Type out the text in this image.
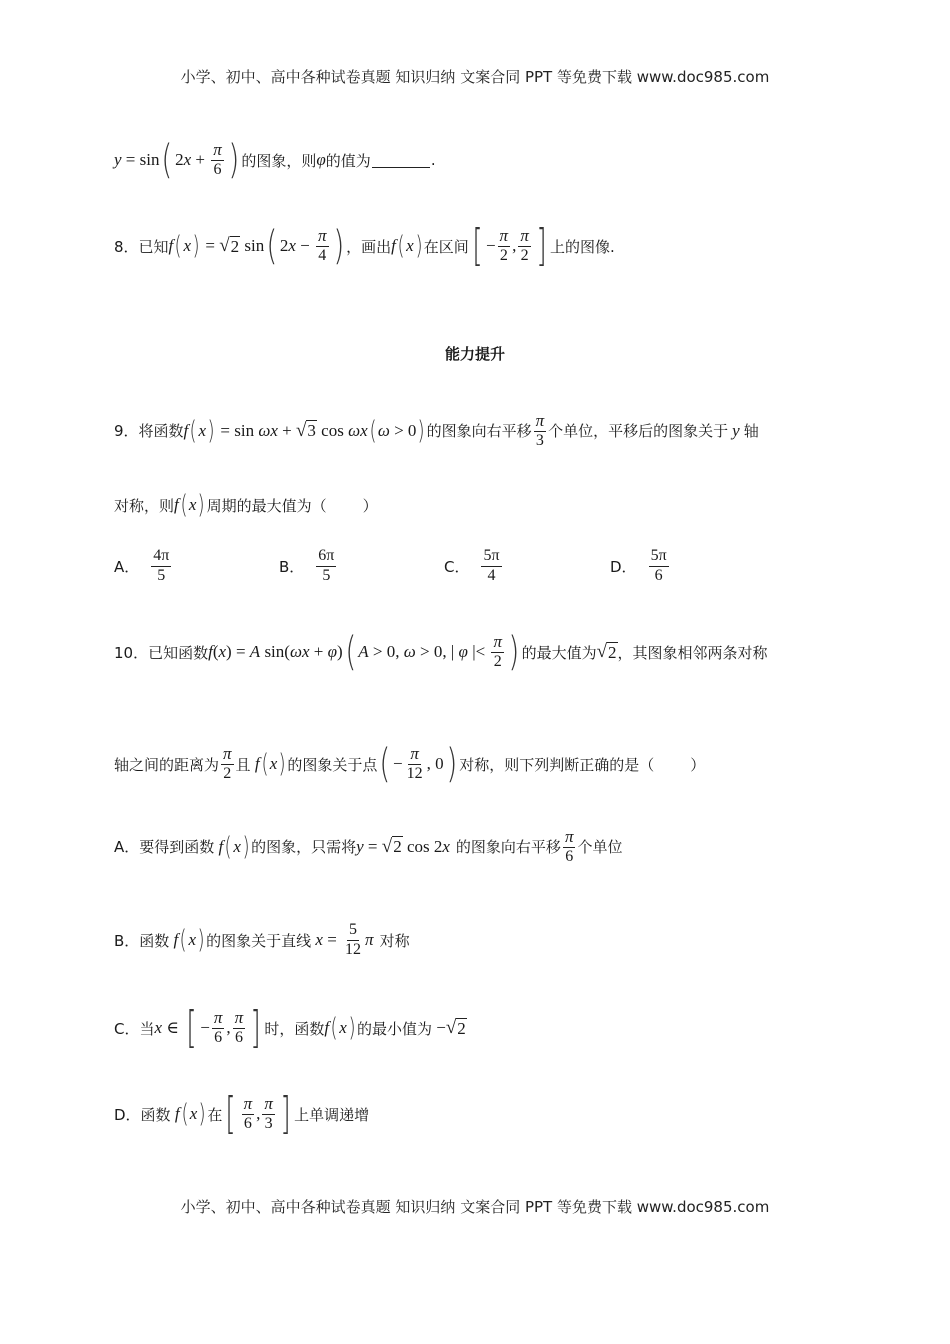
小学、初中、高中各种试卷真题 知识归纳 文案合同 PPT 等免费下载 www.doc985.com
y = sin ( 2 $x + \frac{\pi}{6}$ ) 的图象，则 φ 的值为	.
8．已知 f ( x ) = √ 2 sin ( 2 $x - \frac{\pi}{4}$ ) ，画出 f ( x ) 在区间 [ − $\frac{\pi}{2}$ , $\frac{\pi}{2}$ ] 上的图像.
能力提升
9．将函数 f ( x ) = sin ωx + √ 3 cos ωx ( ω > 0 ) 的图象向右平移 $\frac{\pi}{3}$ 个单位，平移后的图象关于 y 轴
对称，则 f ( x ) 周期的最大值为（ ）
A． $\frac{4\pi}{5}$	B． $\frac{6\pi}{5}$	C． $\frac{5\pi}{4}$	D． $\frac{5\pi}{6}$
10．已知函数 f ( x ) = A sin( ωx + φ ) ( A > 0, ω > 0, | φ |< $\frac{\pi}{2}$ ) 的最大值为 √ 2 ，其图象相邻两条对称
轴之间的距离为 $\frac{\pi}{2}$ 且 f ( x ) 的图象关于点 ( − $\frac{\pi}{12}$ , 0 ) 对称，则下列判断正确的是（ ）
A．要得到函数 f ( x ) 的图象，只需将 y = √ 2 cos 2 x 的图象向右平移 $\frac{\pi}{6}$ 个单位
B．函数 f ( x ) 的图象关于直线 $x = \frac{5}{12}$ π 对称
C．当 x ∈ [ − $\frac{\pi}{6}$ , $\frac{\pi}{6}$ ] 时，函数 f ( x ) 的最小值为 − √ 2
D．函数 f ( x ) 在 [ $\frac{\pi}{6}$ , $\frac{\pi}{3}$ ] 上单调递增
小学、初中、高中各种试卷真题 知识归纳 文案合同 PPT 等免费下载 www.doc985.com
